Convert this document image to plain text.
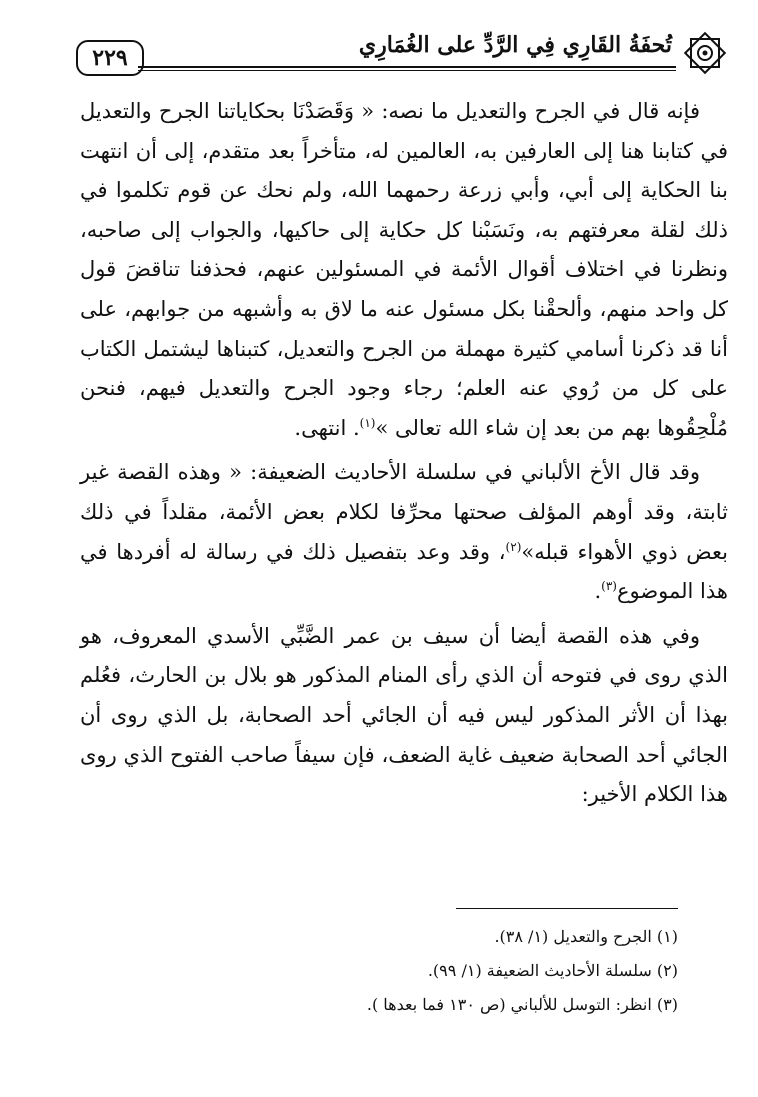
تُحفَةُ القَارِي فِي الرَّدِّ على الغُمَارِي
٢٢٩

فإنه قال في الجرح والتعديل ما نصه: « وَقَصَدْنَا بحكاياتنا الجرح والتعديل في كتابنا هنا إلى العارفين به، العالمين له، متأخراً بعد متقدم، إلى أن انتهت بنا الحكاية إلى أبي، وأبي زرعة رحمهما الله، ولم نحك عن قوم تكلموا في ذلك لقلة معرفتهم به، ونَسَبْنا كل حكاية إلى حاكيها، والجواب إلى صاحبه، ونظرنا في اختلاف أقوال الأئمة في المسئولين عنهم، فحذفنا تناقضَ قول كل واحد منهم، وألحقْنا بكل مسئول عنه ما لاق به وأشبهه من جوابهم، على أنا قد ذكرنا أسامي كثيرة مهملة من الجرح والتعديل، كتبناها ليشتمل الكتاب على كل من رُوي عنه العلم؛ رجاء وجود الجرح والتعديل فيهم، فنحن مُلْحِقُوها بهم من بعد إن شاء الله تعالى »$^{(١)}$. انتهى.

وقد قال الأخ الألباني في سلسلة الأحاديث الضعيفة: « وهذه القصة غير ثابتة، وقد أوهم المؤلف صحتها محرِّفا لكلام بعض الأئمة، مقلداً في ذلك بعض ذوي الأهواء قبله»$^{(٢)}$، وقد وعد بتفصيل ذلك في رسالة له أفردها في هذا الموضوع$^{(٣)}$.

وفي هذه القصة أيضا أن سيف بن عمر الضَّبِّي الأسدي المعروف، هو الذي روى في فتوحه أن الذي رأى المنام المذكور هو بلال بن الحارث، فعُلم بهذا أن الأثر المذكور ليس فيه أن الجائي أحد الصحابة، بل الذي روى أن الجائي أحد الصحابة ضعيف غاية الضعف، فإن سيفاً صاحب الفتوح الذي روى هذا الكلام الأخير:

(١) الجرح والتعديل (١/ ٣٨).
(٢) سلسلة الأحاديث الضعيفة (١/ ٩٩).
(٣) انظر: التوسل للألباني (ص ١٣٠ فما بعدها ).
